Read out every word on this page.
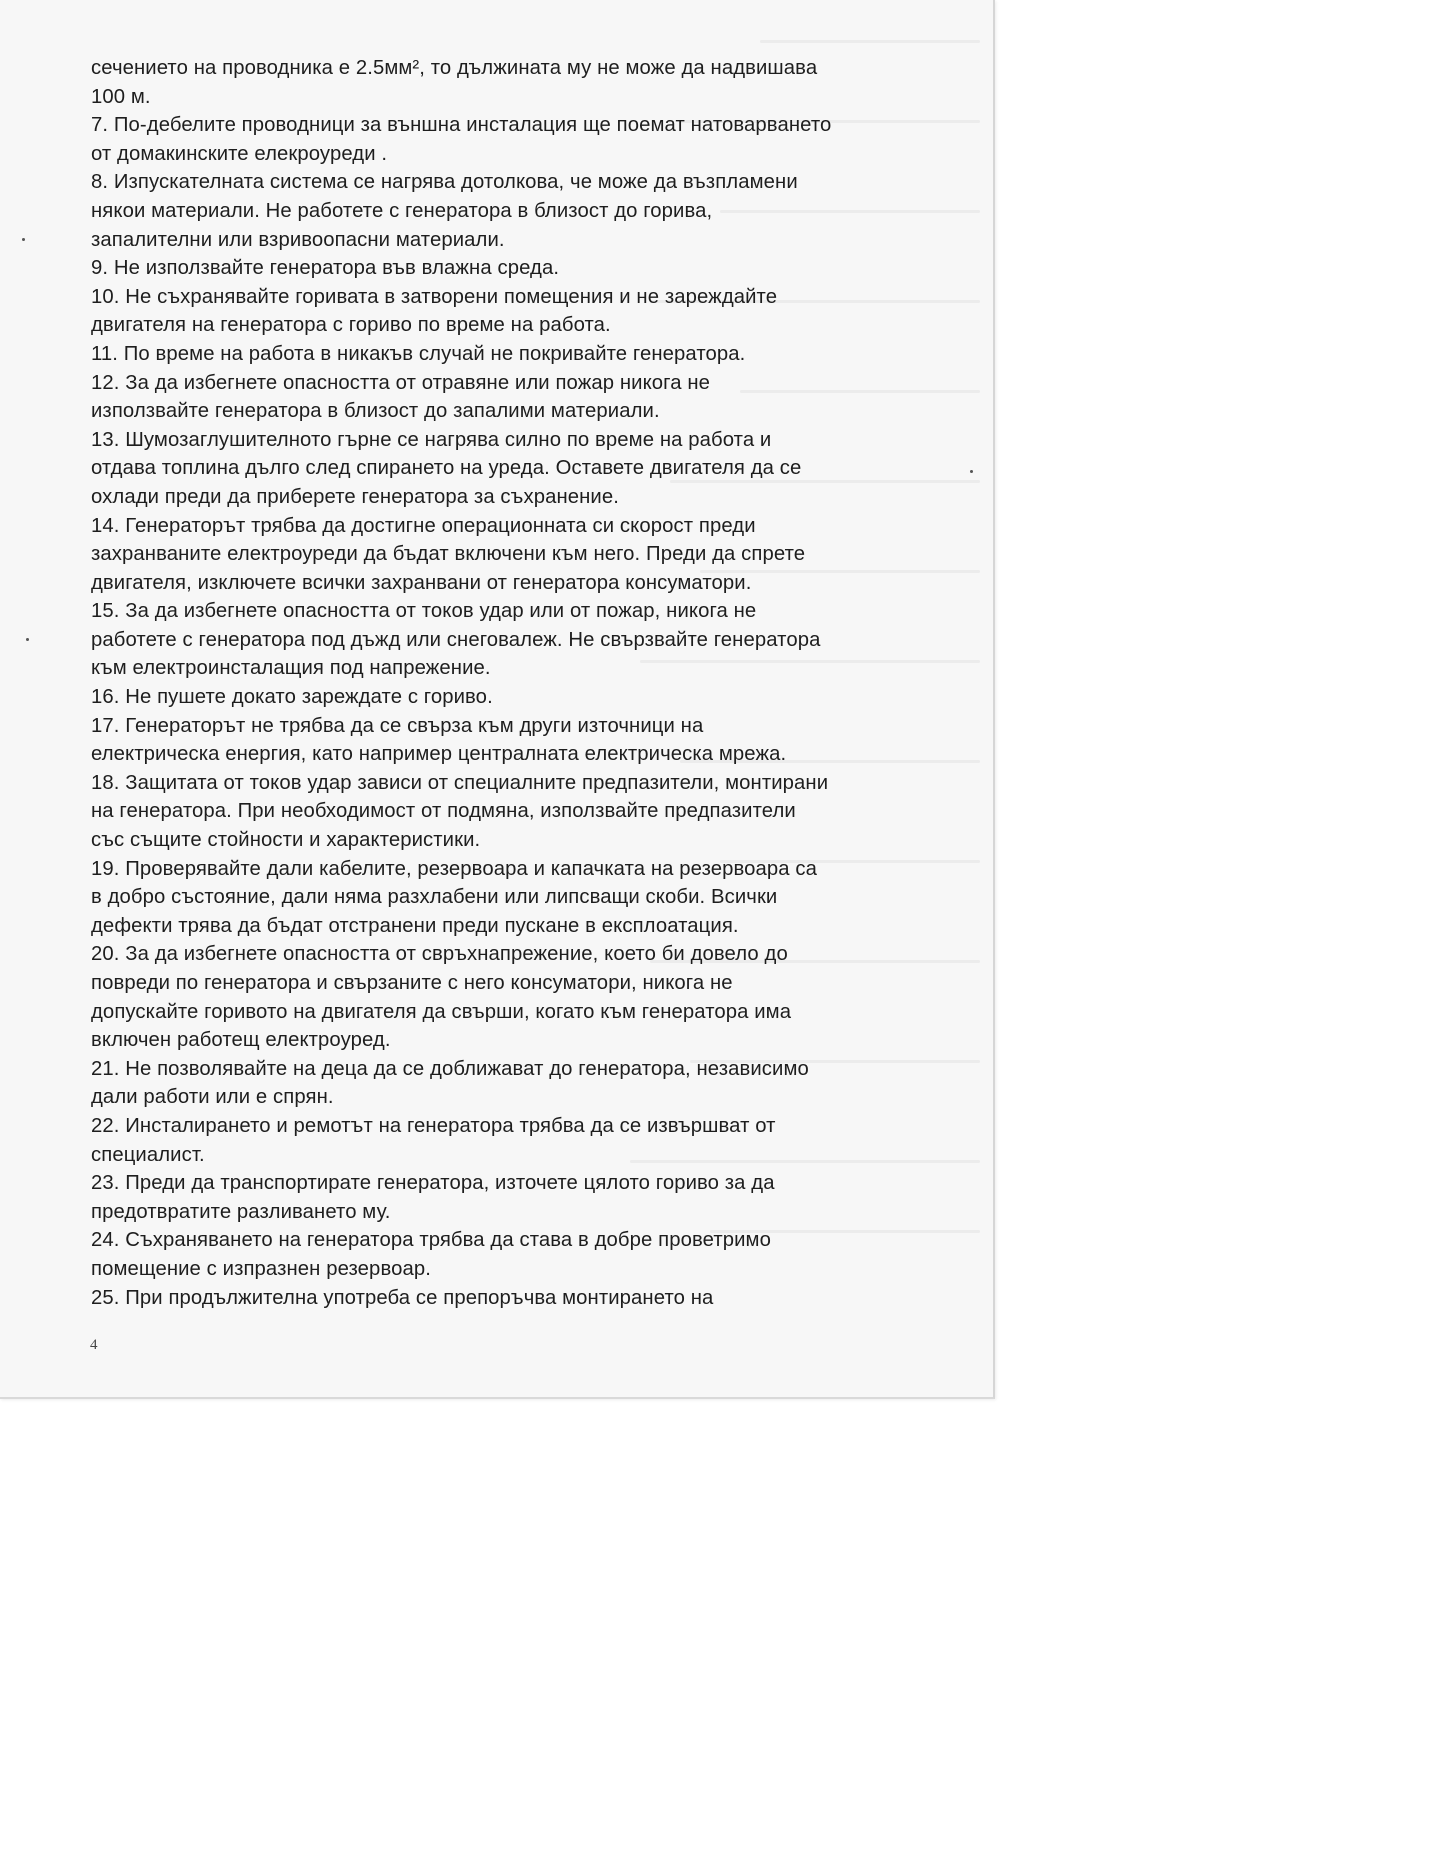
сечението на проводника е 2.5мм², то дължината му не може да надвишава
100 м.
7. По-дебелите проводници за външна инсталация ще поемат натоварването
от домакинските елекроуреди .
8. Изпускателната система се нагрява дотолкова, че може да възпламени
някои материали. Не работете с генератора в близост до горива,
запалителни или взривоопасни материали.
9. Не използвайте генератора във влажна среда.
10. Не съхранявайте горивата в затворени помещения и не зареждайте
двигателя на генератора с гориво по време на работа.
11. По време на работа в никакъв случай не покривайте генератора.
12. За да избегнете опасността от отравяне или пожар никога не
използвайте генератора в близост до запалими материали.
13. Шумозаглушителното гърне се нагрява силно по време на работа и
отдава топлина дълго след спирането на уреда. Оставете двигателя да се
охлади преди да приберете генератора за съхранение.
14. Генераторът трябва да достигне операционната си скорост преди
захранваните електроуреди да бъдат включени към него. Преди да спрете
двигателя, изключете всички захранвани от генератора консуматори.
15. За да избегнете опасността от токов удар или от пожар, никога не
работете с генератора под дъжд или снеговалеж. Не свързвайте генератора
към електроинсталащия под напрежение.
16. Не пушете докато зареждате с гориво.
17. Генераторът не трябва да се свърза към други източници на
електрическа енергия, като например централната електрическа мрежа.
18. Защитата от токов удар зависи от специалните предпазители, монтирани
на генератора. При необходимост от подмяна, използвайте предпазители
със същите стойности и характеристики.
19. Проверявайте дали кабелите, резервоара и капачката на резервоара са
в добро състояние, дали няма разхлабени или липсващи скоби. Всички
дефекти трява да бъдат отстранени преди пускане в експлоатация.
20. За да избегнете опасността от свръхнапрежение, което би довело до
повреди по генератора и свързаните с него консуматори, никога не
допускайте горивото на двигателя да свърши, когато към генератора има
включен работещ електроуред.
21. Не позволявайте на деца да се доближават до генератора, независимо
дали работи или е спрян.
22. Инсталирането и ремотът на генератора трябва да се извършват от
специалист.
23. Преди да транспортирате генератора, източете цялото гориво за да
предотвратите разливането му.
24. Съхраняването на генератора трябва да става в добре проветримо
помещение с изпразнен резервоар.
25. При продължителна употреба се препоръчва монтирането на
4
